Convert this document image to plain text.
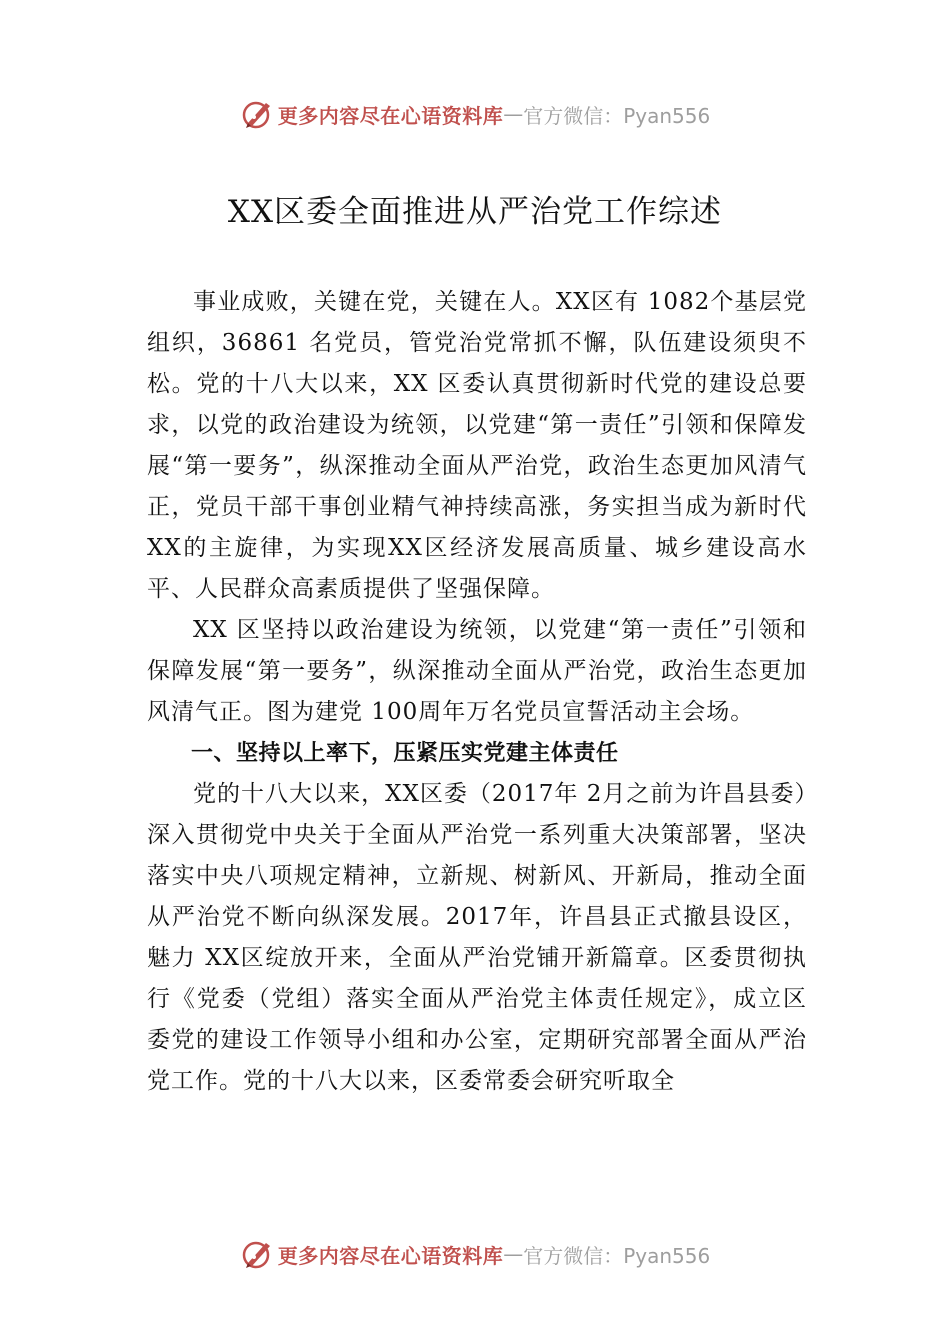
更多内容尽在心语资料库 — 官方微信：Pyan556
XX区委全面推进从严治党工作综述

事业成败，关键在党，关键在人。XX区有 1082个基层党组织，36861 名党员，管党治党常抓不懈，队伍建设须臾不松。党的十八大以来，XX 区委认真贯彻新时代党的建设总要求，以党的政治建设为统领，以党建“第一责任”引领和保障发展“第一要务”，纵深推动全面从严治党，政治生态更加风清气正，党员干部干事创业精气神持续高涨，务实担当成为新时代XX的主旋律，为实现XX区经济发展高质量、城乡建设高水平、人民群众高素质提供了坚强保障。

XX 区坚持以政治建设为统领，以党建“第一责任”引领和保障发展“第一要务”，纵深推动全面从严治党，政治生态更加风清气正。图为建党 100周年万名党员宣誓活动主会场。

一、坚持以上率下，压紧压实党建主体责任

党的十八大以来，XX区委（2017年 2月之前为许昌县委）深入贯彻党中央关于全面从严治党一系列重大决策部署，坚决落实中央八项规定精神，立新规、树新风、开新局，推动全面从严治党不断向纵深发展。2017年，许昌县正式撤县设区，魅力 XX区绽放开来，全面从严治党铺开新篇章。区委贯彻执行《党委（党组）落实全面从严治党主体责任规定》，成立区委党的建设工作领导小组和办公室，定期研究部署全面从严治党工作。党的十八大以来，区委常委会研究听取全

更多内容尽在心语资料库 — 官方微信：Pyan556
